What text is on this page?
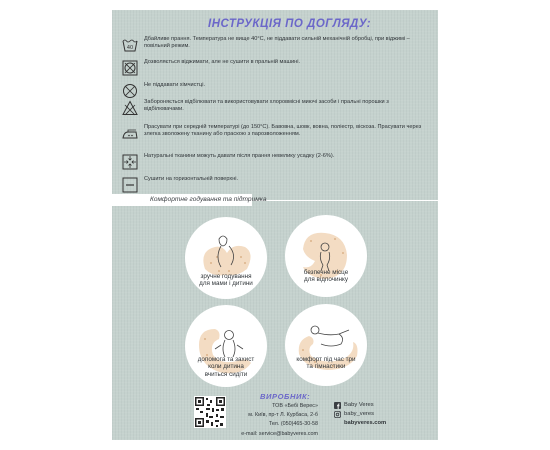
ІНСТРУКЦІЯ ПО ДОГЛЯДУ:
40
Дбайливе прання. Температура не вище 40°С, не піддавати сильній механічній обробці, при віджимі – повільний режим.
Дозволяється віджимати, але не сушити в пральній машині.
Не піддавати хімчистці.
Забороняється відбілювати та використовувати хлоровмісні миючі засоби і пральні порошки з відбілювачами.
Прасувати при середній температурі (до 150°С). Бавовна, шовк, вовна, поліестр, віскоза. Прасувати через злегка зволожену тканину або праскою з парозволоженням.
Натуральні тканини можуть давати після прання невелику усадку (2-6%).
Сушити на горизонтальній поверхні.
Комфортне годування та підтримка
зручне годування
для мами і дитини
безпечне місце
для відпочинку
допомога та захист
коли дитина
вчиться сидіти
комфорт під час три
та гімнастики
ВИРОБНИК:
ТОВ «Бебі Верес»
м. Київ, пр-т Л. Курбаса, 2-б
Тел. (050)465-30-58
e-mail: service@babyveres.com
Baby Veres
baby_veres
babyveres.com
